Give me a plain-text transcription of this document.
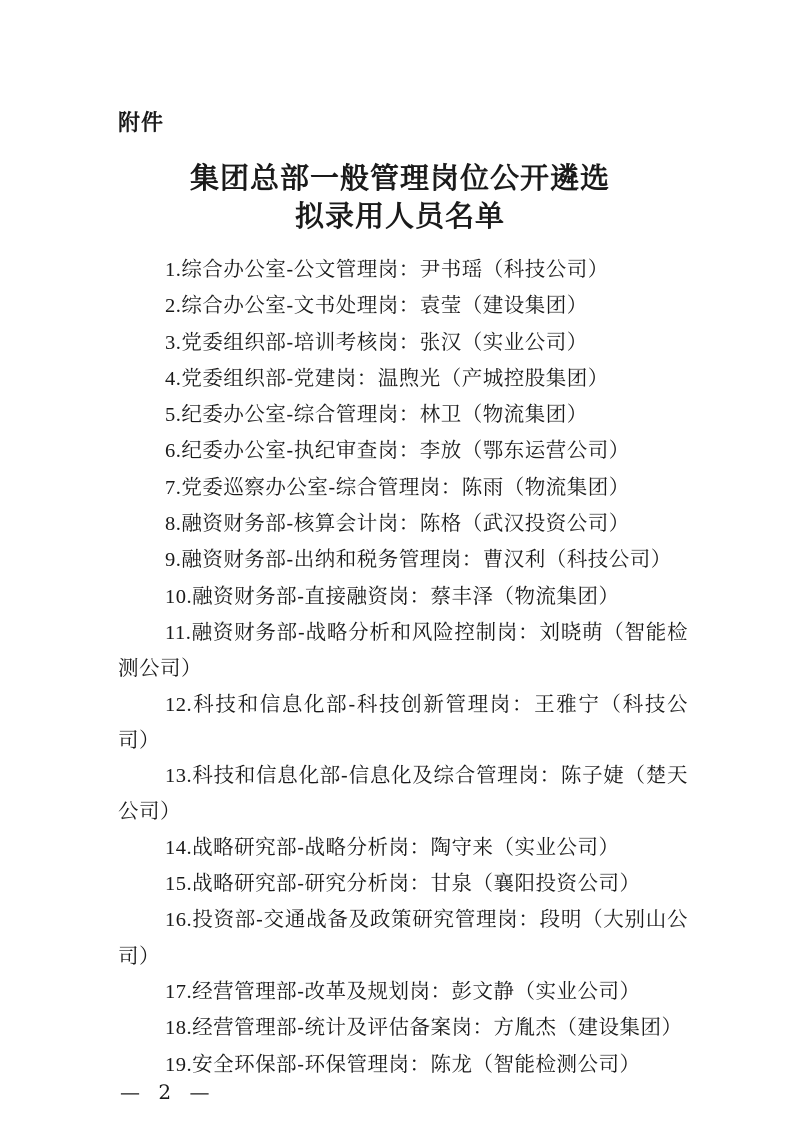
附件
集团总部一般管理岗位公开遴选
拟录用人员名单
1.综合办公室-公文管理岗：尹书瑶（科技公司）
2.综合办公室-文书处理岗：袁莹（建设集团）
3.党委组织部-培训考核岗：张汉（实业公司）
4.党委组织部-党建岗：温煦光（产城控股集团）
5.纪委办公室-综合管理岗：林卫（物流集团）
6.纪委办公室-执纪审查岗：李放（鄂东运营公司）
7.党委巡察办公室-综合管理岗：陈雨（物流集团）
8.融资财务部-核算会计岗：陈格（武汉投资公司）
9.融资财务部-出纳和税务管理岗：曹汉利（科技公司）
10.融资财务部-直接融资岗：蔡丰泽（物流集团）
11.融资财务部-战略分析和风险控制岗：刘晓萌（智能检测公司）
12.科技和信息化部-科技创新管理岗：王雅宁（科技公司）
13.科技和信息化部-信息化及综合管理岗：陈子婕（楚天公司）
14.战略研究部-战略分析岗：陶守来（实业公司）
15.战略研究部-研究分析岗：甘泉（襄阳投资公司）
16.投资部-交通战备及政策研究管理岗：段明（大别山公司）
17.经营管理部-改革及规划岗：彭文静（实业公司）
18.经营管理部-统计及评估备案岗：方胤杰（建设集团）
19.安全环保部-环保管理岗：陈龙（智能检测公司）
— 2 —
